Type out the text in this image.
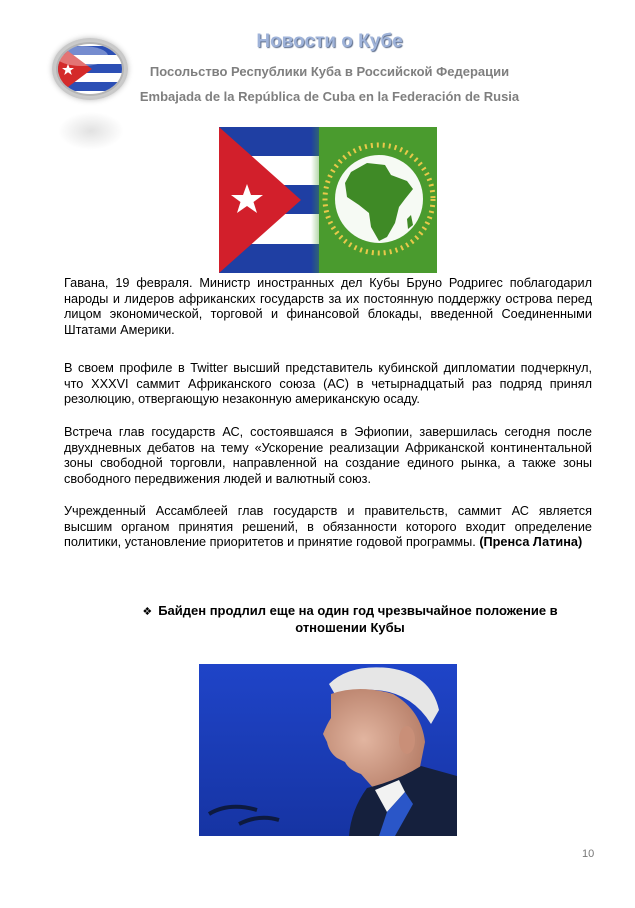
Новости о Кубе
Посольство Республики Куба в Российской Федерации
Embajada de la República de Cuba en la Federación de Rusia

Гавана, 19 февраля. Министр иностранных дел Кубы Бруно Родригес поблагодарил народы и лидеров африканских государств за их постоянную поддержку острова перед лицом экономической, торговой и финансовой блокады, введенной Соединенными Штатами Америки.

В своем профиле в Twitter высший представитель кубинской дипломатии подчеркнул, что XXXVI саммит Африканского союза (АС) в четырнадцатый раз подряд принял резолюцию, отвергающую незаконную американскую осаду.

Встреча глав государств АС, состоявшаяся в Эфиопии, завершилась сегодня после двухдневных дебатов на тему «Ускорение реализации Африканской континентальной зоны свободной торговли, направленной на создание единого рынка, а также зоны свободного передвижения людей и валютный союз.

Учрежденный Ассамблеей глав государств и правительств, саммит АС является высшим органом принятия решений, в обязанности которого входит определение политики, установление приоритетов и принятие годовой программы. (Пренса Латина)

❖ Байден продлил еще на один год чрезвычайное положение в отношении Кубы
10
